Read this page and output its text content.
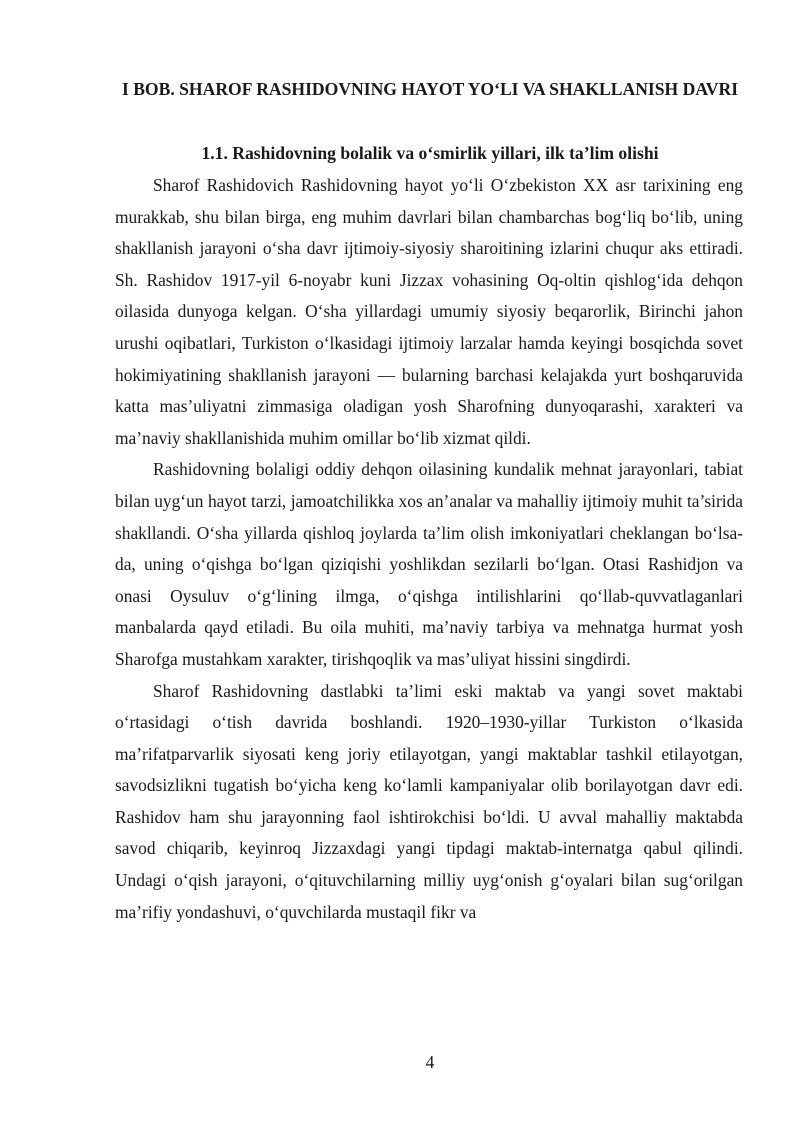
I BOB. SHAROF RASHIDOVNING HAYOT YO‘LI VA SHAKLLANISH DAVRI
1.1. Rashidovning bolalik va o‘smirlik yillari, ilk ta’lim olishi

Sharof Rashidovich Rashidovning hayot yo‘li O‘zbekiston XX asr tarixining eng murakkab, shu bilan birga, eng muhim davrlari bilan chambarchas bog‘liq bo‘lib, uning shakllanish jarayoni o‘sha davr ijtimoiy-siyosiy sharoitining izlarini chuqur aks ettiradi. Sh. Rashidov 1917-yil 6-noyabr kuni Jizzax vohasining Oq-oltin qishlog‘ida dehqon oilasida dunyoga kelgan. O‘sha yillardagi umumiy siyosiy beqarorlik, Birinchi jahon urushi oqibatlari, Turkiston o‘lkasidagi ijtimoiy larzalar hamda keyingi bosqichda sovet hokimiyatining shakllanish jarayoni — bularning barchasi kelajakda yurt boshqaruvida katta mas’uliyatni zimmasiga oladigan yosh Sharofning dunyoqarashi, xarakteri va ma’naviy shakllanishida muhim omillar bo‘lib xizmat qildi.

Rashidovning bolaligi oddiy dehqon oilasining kundalik mehnat jarayonlari, tabiat bilan uyg‘un hayot tarzi, jamoatchilikka xos an’analar va mahalliy ijtimoiy muhit ta’sirida shakllandi. O‘sha yillarda qishloq joylarda ta’lim olish imkoniyatlari cheklangan bo‘lsa-da, uning o‘qishga bo‘lgan qiziqishi yoshlikdan sezilarli bo‘lgan. Otasi Rashidjon va onasi Oysuluv o‘g‘lining ilmga, o‘qishga intilishlarini qo‘llab-quvvatlaganlari manbalarda qayd etiladi. Bu oila muhiti, ma’naviy tarbiya va mehnatga hurmat yosh Sharofga mustahkam xarakter, tirishqoqlik va mas’uliyat hissini singdirdi.

Sharof Rashidovning dastlabki ta’limi eski maktab va yangi sovet maktabi o‘rtasidagi o‘tish davrida boshlandi. 1920–1930-yillar Turkiston o‘lkasida ma’rifatparvarlik siyosati keng joriy etilayotgan, yangi maktablar tashkil etilayotgan, savodsizlikni tugatish bo‘yicha keng ko‘lamli kampaniyalar olib borilayotgan davr edi. Rashidov ham shu jarayonning faol ishtirokchisi bo‘ldi. U avval mahalliy maktabda savod chiqarib, keyinroq Jizzaxdagi yangi tipdagi maktab-internatga qabul qilindi. Undagi o‘qish jarayoni, o‘qituvchilarning milliy uyg‘onish g‘oyalari bilan sug‘orilgan ma’rifiy yondashuvi, o‘quvchilarda mustaqil fikr va

4
